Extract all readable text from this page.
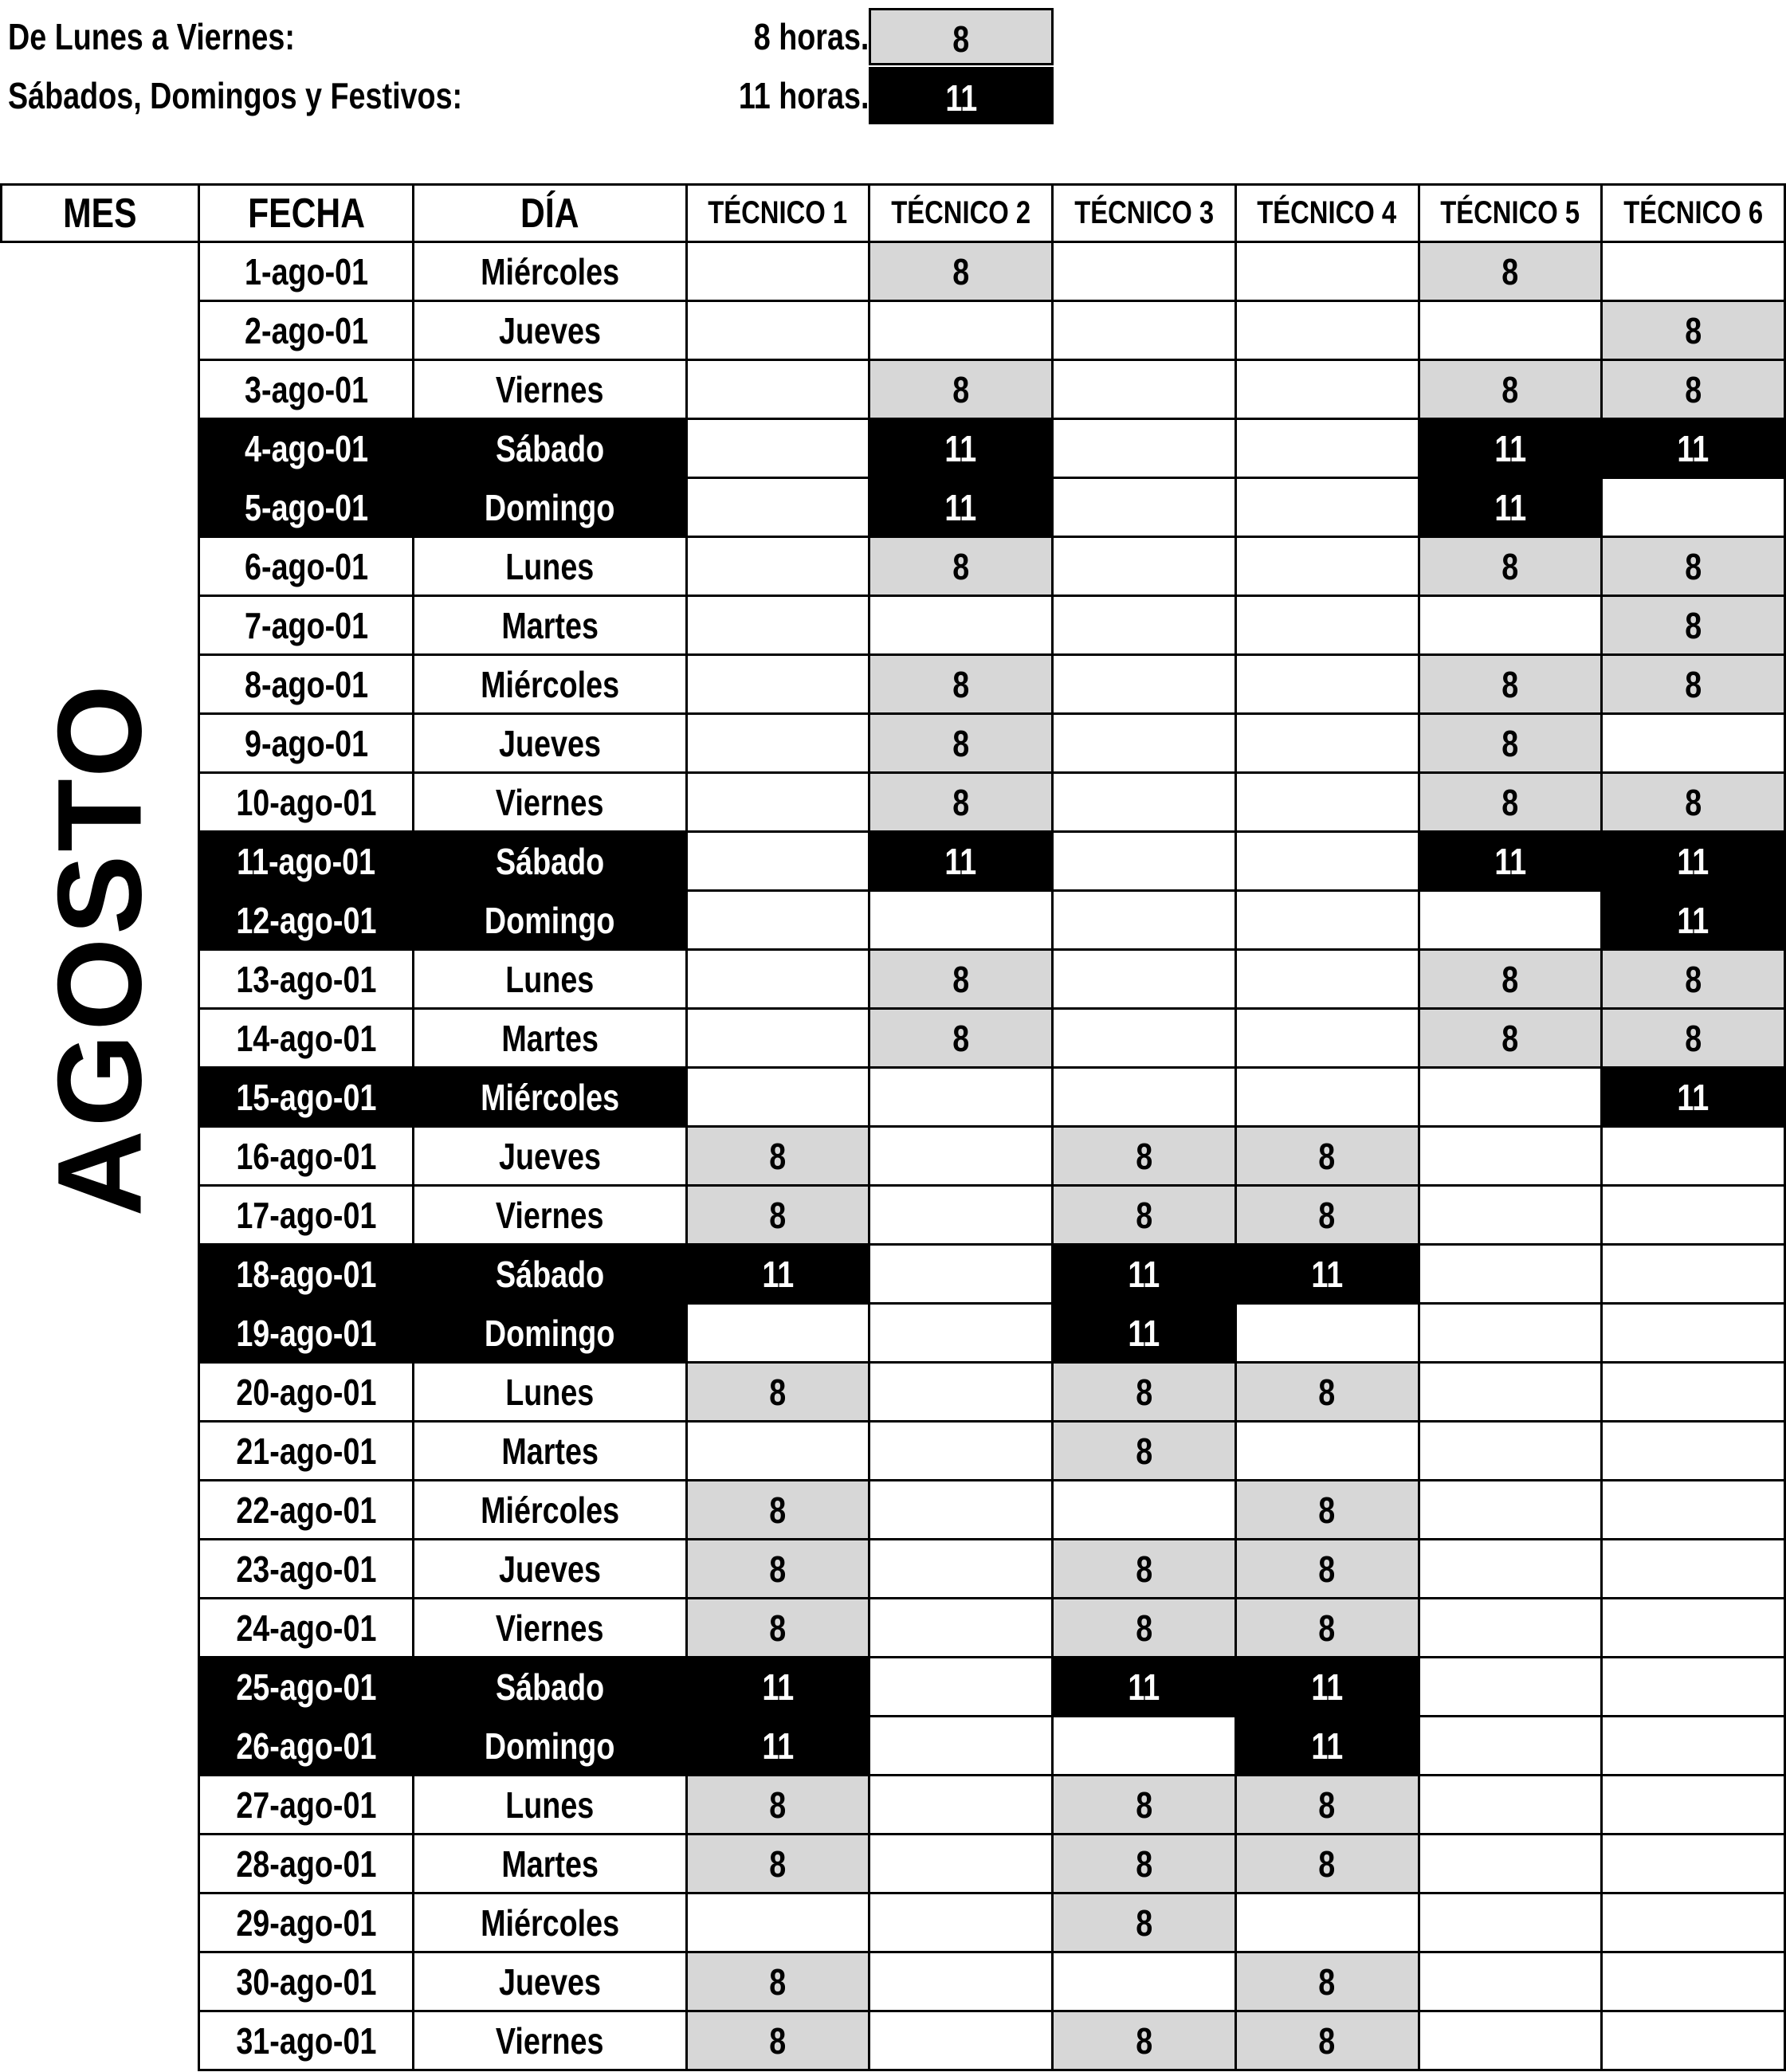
De Lunes a Viernes:	8 horas.	8
Sábados, Domingos y Festivos:	11 horas.	11
MES	FECHA	DÍA	TÉCNICO 1	TÉCNICO 2	TÉCNICO 3	TÉCNICO 4	TÉCNICO 5	TÉCNICO 6

AGOSTO	1-ago-01	Miércoles		8			8	
	2-ago-01	Jueves						8
	3-ago-01	Viernes		8			8	8
	4-ago-01	Sábado		11			11	11
	5-ago-01	Domingo		11			11	
	6-ago-01	Lunes		8			8	8
	7-ago-01	Martes						8
	8-ago-01	Miércoles		8			8	8
	9-ago-01	Jueves		8			8	
	10-ago-01	Viernes		8			8	8
	11-ago-01	Sábado		11			11	11
	12-ago-01	Domingo						11
	13-ago-01	Lunes		8			8	8
	14-ago-01	Martes		8			8	8
	15-ago-01	Miércoles						11
	16-ago-01	Jueves	8		8	8		
	17-ago-01	Viernes	8		8	8		
	18-ago-01	Sábado	11		11	11		
	19-ago-01	Domingo			11			
	20-ago-01	Lunes	8		8	8		
	21-ago-01	Martes			8			
	22-ago-01	Miércoles	8			8		
	23-ago-01	Jueves	8		8	8		
	24-ago-01	Viernes	8		8	8		
	25-ago-01	Sábado	11		11	11		
	26-ago-01	Domingo	11			11		
	27-ago-01	Lunes	8		8	8		
	28-ago-01	Martes	8		8	8		
	29-ago-01	Miércoles			8			
	30-ago-01	Jueves	8			8		
	31-ago-01	Viernes	8		8	8		
